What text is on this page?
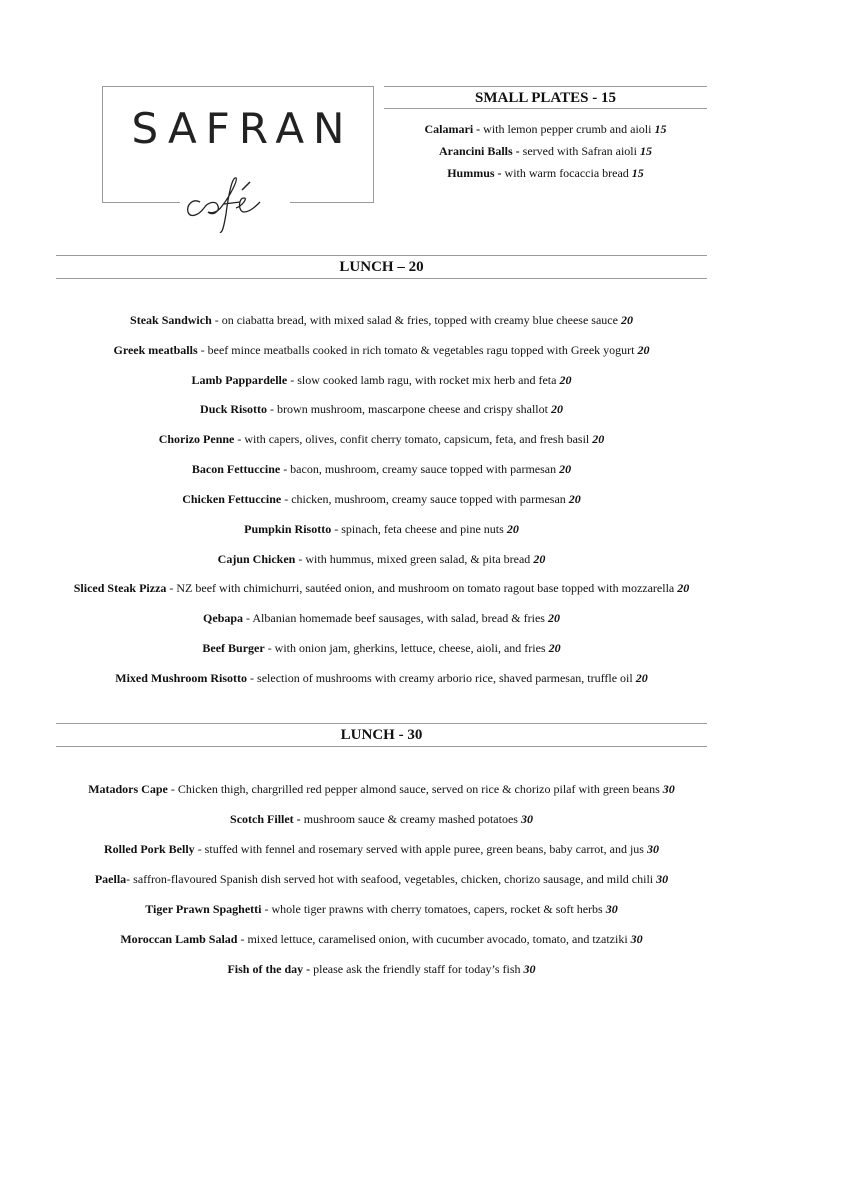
SAFRAN
SMALL PLATES - 15
Calamari - with lemon pepper crumb and aioli 15
Arancini Balls - served with Safran aioli 15
Hummus - with warm focaccia bread 15
LUNCH – 20
Steak Sandwich - on ciabatta bread, with mixed salad & fries, topped with creamy blue cheese sauce 20
Greek meatballs - beef mince meatballs cooked in rich tomato & vegetables ragu topped with Greek yogurt 20
Lamb Pappardelle - slow cooked lamb ragu, with rocket mix herb and feta 20
Duck Risotto - brown mushroom, mascarpone cheese and crispy shallot 20
Chorizo Penne - with capers, olives, confit cherry tomato, capsicum, feta, and fresh basil 20
Bacon Fettuccine - bacon, mushroom, creamy sauce topped with parmesan 20
Chicken Fettuccine - chicken, mushroom, creamy sauce topped with parmesan 20
Pumpkin Risotto - spinach, feta cheese and pine nuts 20
Cajun Chicken - with hummus, mixed green salad, & pita bread 20
Sliced Steak Pizza - NZ beef with chimichurri, sautéed onion, and mushroom on tomato ragout base topped with mozzarella 20
Qebapa - Albanian homemade beef sausages, with salad, bread & fries 20
Beef Burger - with onion jam, gherkins, lettuce, cheese, aioli, and fries 20
Mixed Mushroom Risotto - selection of mushrooms with creamy arborio rice, shaved parmesan, truffle oil 20
LUNCH - 30
Matadors Cape - Chicken thigh, chargrilled red pepper almond sauce, served on rice & chorizo pilaf with green beans 30
Scotch Fillet - mushroom sauce & creamy mashed potatoes 30
Rolled Pork Belly - stuffed with fennel and rosemary served with apple puree, green beans, baby carrot, and jus 30
Paella- saffron-flavoured Spanish dish served hot with seafood, vegetables, chicken, chorizo sausage, and mild chili 30
Tiger Prawn Spaghetti - whole tiger prawns with cherry tomatoes, capers, rocket & soft herbs 30
Moroccan Lamb Salad - mixed lettuce, caramelised onion, with cucumber avocado, tomato, and tzatziki 30
Fish of the day - please ask the friendly staff for today’s fish 30
